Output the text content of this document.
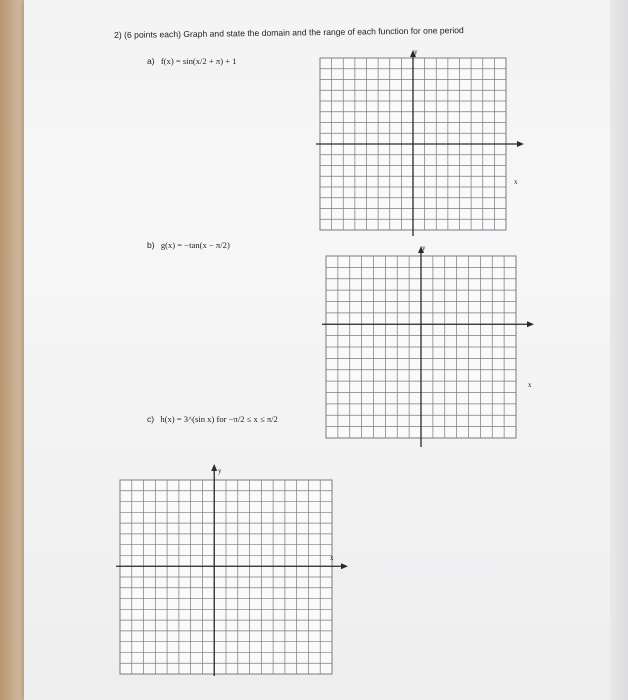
2) (6 points each) Graph and state the domain and the range of each function for one period
a) f(x) = sin(x/2 + π) + 1
b) g(x) = −tan(x − π/2)
c) h(x) = 3^(sin x) for −π/2 ≤ x ≤ π/2
y
x
y
x
y
x
